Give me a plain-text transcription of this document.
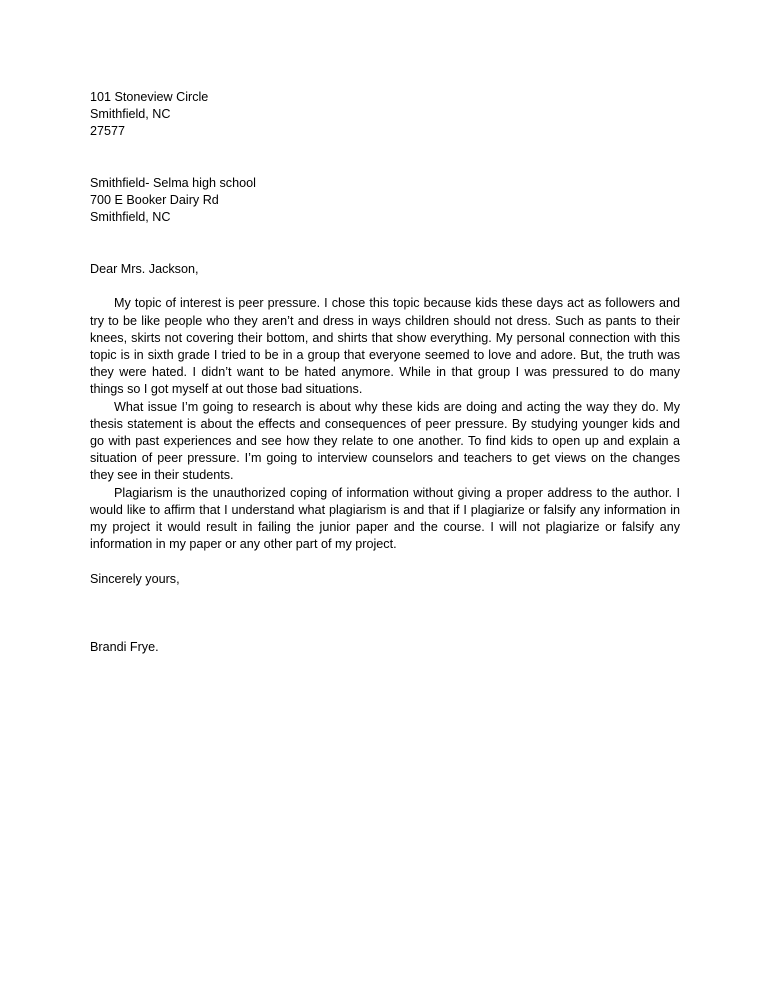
101 Stoneview Circle
Smithfield, NC
27577
Smithfield- Selma high school
700 E Booker Dairy Rd
Smithfield, NC

Dear Mrs. Jackson,

My topic of interest is peer pressure. I chose this topic because kids these days act as followers and try to be like people who they aren’t and dress in ways children should not dress. Such as pants to their knees, skirts not covering their bottom, and shirts that show everything. My personal connection with this topic is in sixth grade I tried to be in a group that everyone seemed to love and adore. But, the truth was they were hated. I didn’t want to be hated anymore. While in that group I was pressured to do many things so I got myself at out those bad situations.

What issue I’m going to research is about why these kids are doing and acting the way they do. My thesis statement is about the effects and consequences of peer pressure. By studying younger kids and go with past experiences and see how they relate to one another. To find kids to open up and explain a situation of peer pressure. I’m going to interview counselors and teachers to get views on the changes they see in their students.

Plagiarism is the unauthorized coping of information without giving a proper address to the author. I would like to affirm that I understand what plagiarism is and that if I plagiarize or falsify any information in my project it would result in failing the junior paper and the course. I will not plagiarize or falsify any information in my paper or any other part of my project.

Sincerely yours,

Brandi Frye.
